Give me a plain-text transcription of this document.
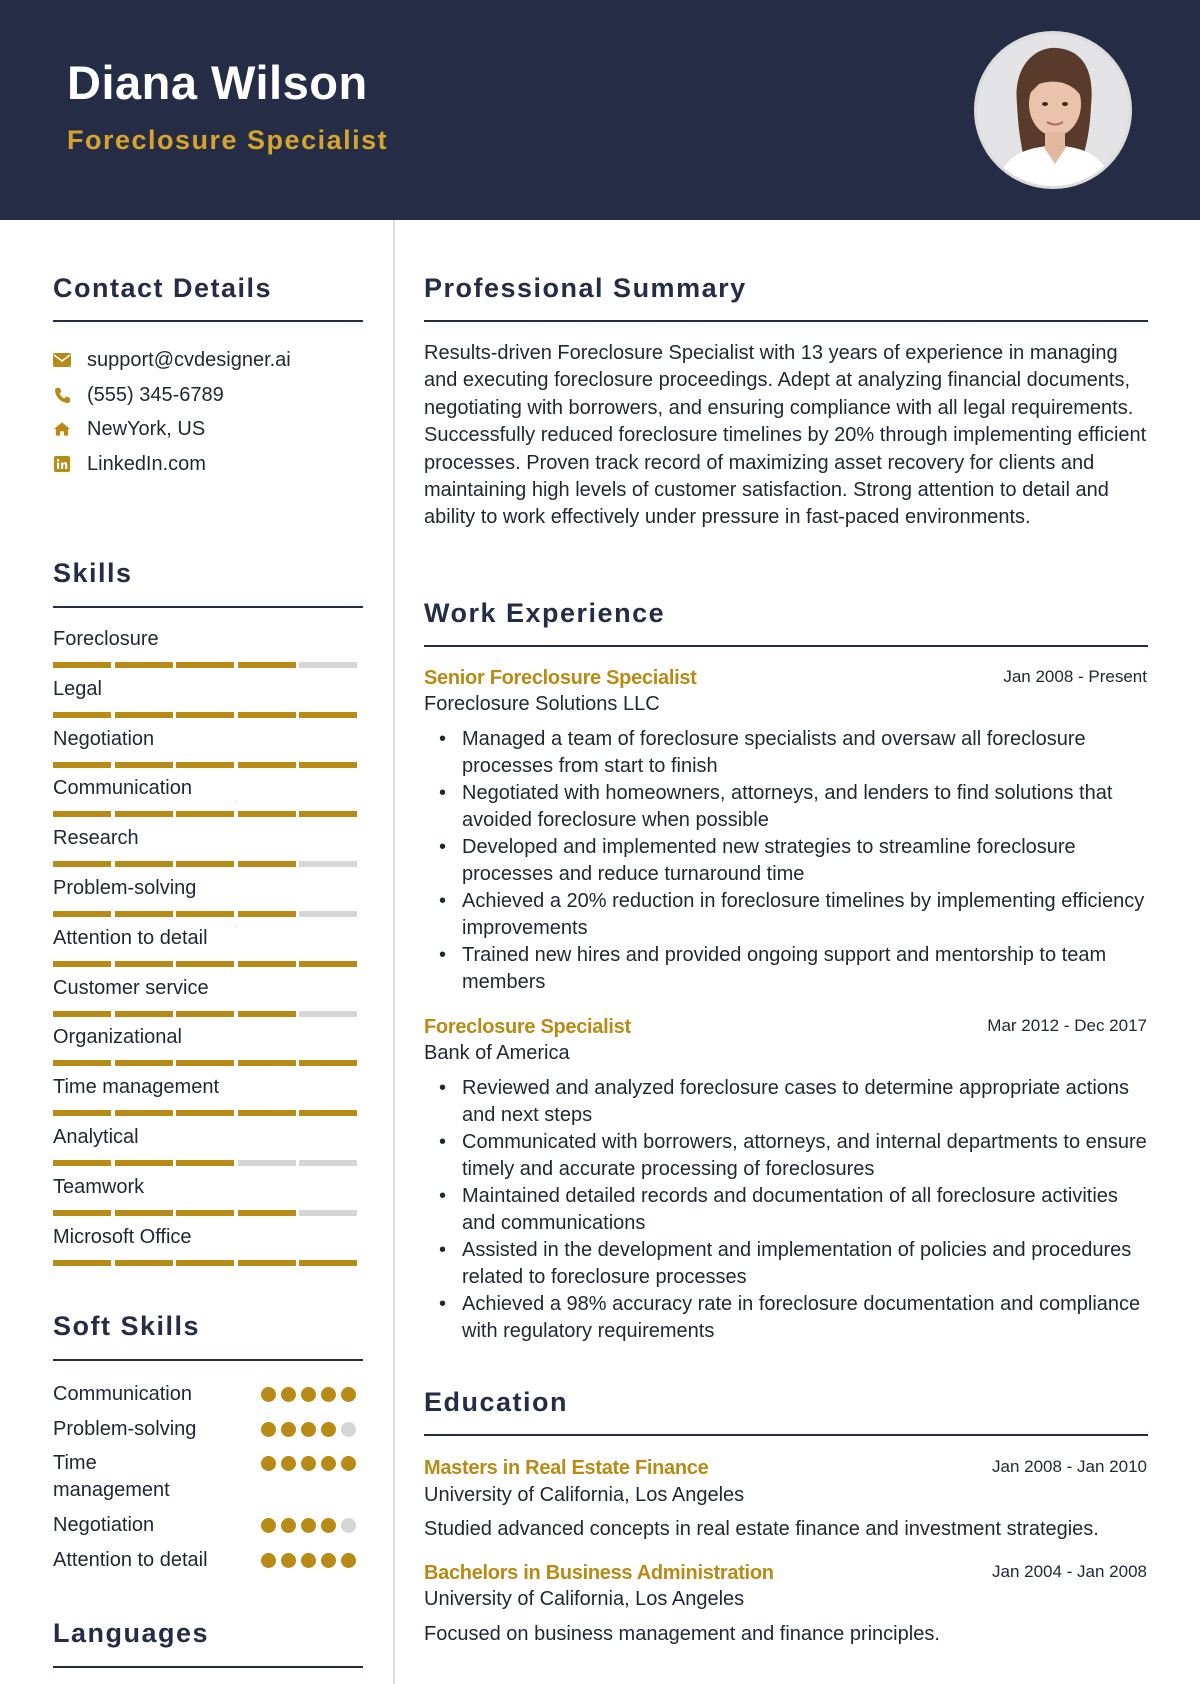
Diana Wilson
Foreclosure Specialist
Contact Details
support@cvdesigner.ai
(555) 345-6789
NewYork, US
LinkedIn.com
Skills
Foreclosure
Legal
Negotiation
Communication
Research
Problem-solving
Attention to detail
Customer service
Organizational
Time management
Analytical
Teamwork
Microsoft Office
Soft Skills
Communication
Problem-solving
Time management
Negotiation
Attention to detail
Languages
Professional Summary
Results-driven Foreclosure Specialist with 13 years of experience in managing and executing foreclosure proceedings. Adept at analyzing financial documents, negotiating with borrowers, and ensuring compliance with all legal requirements. Successfully reduced foreclosure timelines by 20% through implementing efficient processes. Proven track record of maximizing asset recovery for clients and maintaining high levels of customer satisfaction. Strong attention to detail and ability to work effectively under pressure in fast-paced environments.
Work Experience
Senior Foreclosure Specialist	Jan 2008 - Present
Foreclosure Solutions LLC
• Managed a team of foreclosure specialists and oversaw all foreclosure processes from start to finish
• Negotiated with homeowners, attorneys, and lenders to find solutions that avoided foreclosure when possible
• Developed and implemented new strategies to streamline foreclosure processes and reduce turnaround time
• Achieved a 20% reduction in foreclosure timelines by implementing efficiency improvements
• Trained new hires and provided ongoing support and mentorship to team members
Foreclosure Specialist	Mar 2012 - Dec 2017
Bank of America
• Reviewed and analyzed foreclosure cases to determine appropriate actions and next steps
• Communicated with borrowers, attorneys, and internal departments to ensure timely and accurate processing of foreclosures
• Maintained detailed records and documentation of all foreclosure activities and communications
• Assisted in the development and implementation of policies and procedures related to foreclosure processes
• Achieved a 98% accuracy rate in foreclosure documentation and compliance with regulatory requirements
Education
Masters in Real Estate Finance	Jan 2008 - Jan 2010
University of California, Los Angeles
Studied advanced concepts in real estate finance and investment strategies.
Bachelors in Business Administration	Jan 2004 - Jan 2008
University of California, Los Angeles
Focused on business management and finance principles.
